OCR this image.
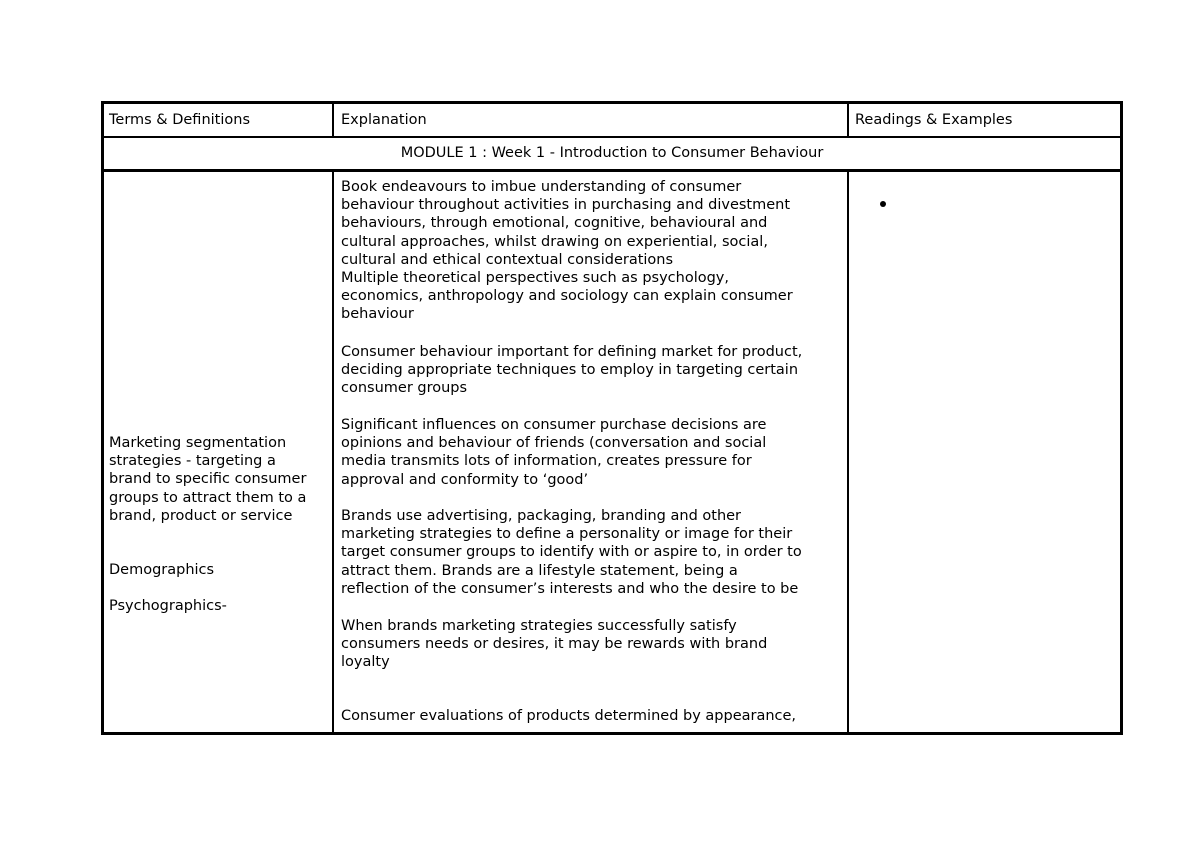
Terms & Definitions	Explanation	Readings & Examples
MODULE 1 : Week 1 - Introduction to Consumer Behaviour
Marketing segmentation
strategies - targeting a
brand to specific consumer
groups to attract them to a
brand, product or service
Demographics
Psychographics-
Book endeavours to imbue understanding of consumer
behaviour throughout activities in purchasing and divestment
behaviours, through emotional, cognitive, behavioural and
cultural approaches, whilst drawing on experiential, social,
cultural and ethical contextual considerations
Multiple theoretical perspectives such as psychology,
economics, anthropology and sociology can explain consumer
behaviour
Consumer behaviour important for defining market for product,
deciding appropriate techniques to employ in targeting certain
consumer groups
Significant influences on consumer purchase decisions are
opinions and behaviour of friends (conversation and social
media transmits lots of information, creates pressure for
approval and conformity to ‘good’
Brands use advertising, packaging, branding and other
marketing strategies to define a personality or image for their
target consumer groups to identify with or aspire to, in order to
attract them. Brands are a lifestyle statement, being a
reflection of the consumer’s interests and who the desire to be
When brands marketing strategies successfully satisfy
consumers needs or desires, it may be rewards with brand
loyalty
Consumer evaluations of products determined by appearance,
